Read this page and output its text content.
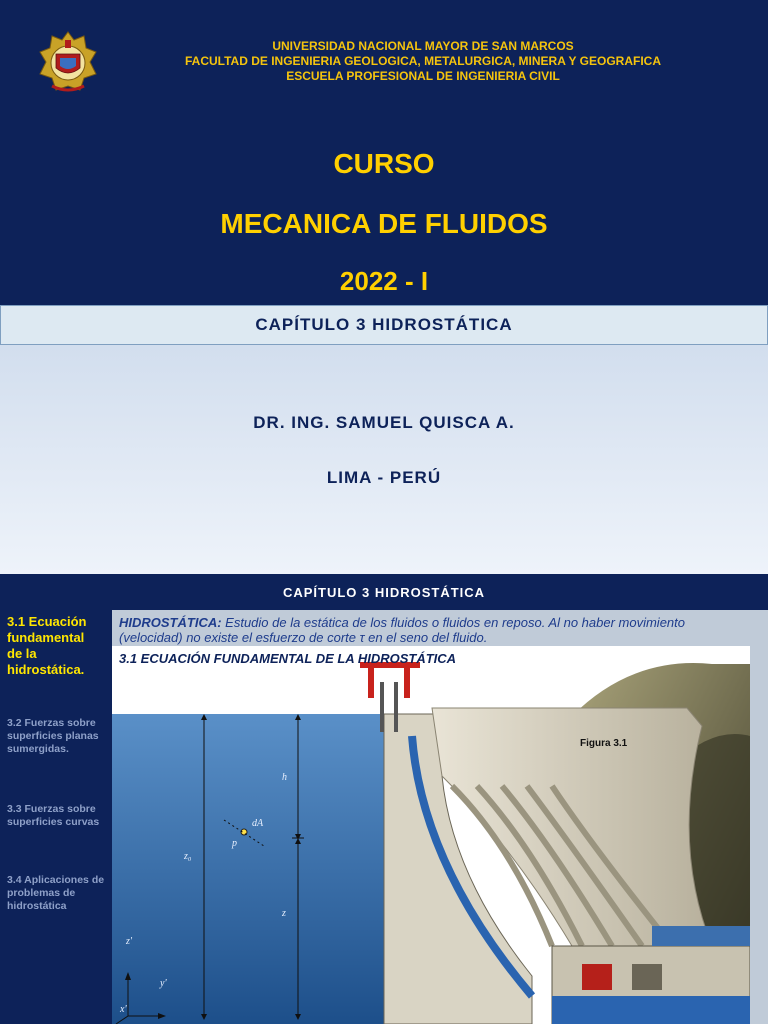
UNIVERSIDAD NACIONAL MAYOR DE SAN MARCOS
FACULTAD DE INGENIERIA GEOLOGICA, METALURGICA, MINERA Y GEOGRAFICA
ESCUELA PROFESIONAL DE INGENIERIA CIVIL
CURSO
MECANICA DE FLUIDOS
2022 - I
CAPÍTULO 3 HIDROSTÁTICA
DR. ING. SAMUEL QUISCA A.
LIMA - PERÚ
CAPÍTULO 3 HIDROSTÁTICA
3.1 Ecuación fundamental de la hidrostática.
3.2 Fuerzas sobre superficies planas sumergidas.
3.3 Fuerzas sobre superficies curvas
3.4 Aplicaciones de problemas de hidrostática
HIDROSTÁTICA: Estudio de la estática de los fluidos o fluidos en reposo. Al no haber movimiento (velocidad) no existe el esfuerzo de corte τ en el seno del fluido.
3.1 ECUACIÓN FUNDAMENTAL DE LA HIDROSTÁTICA
Figura 3.1
h
dA
p
z₀
z
z'
y'
x'
